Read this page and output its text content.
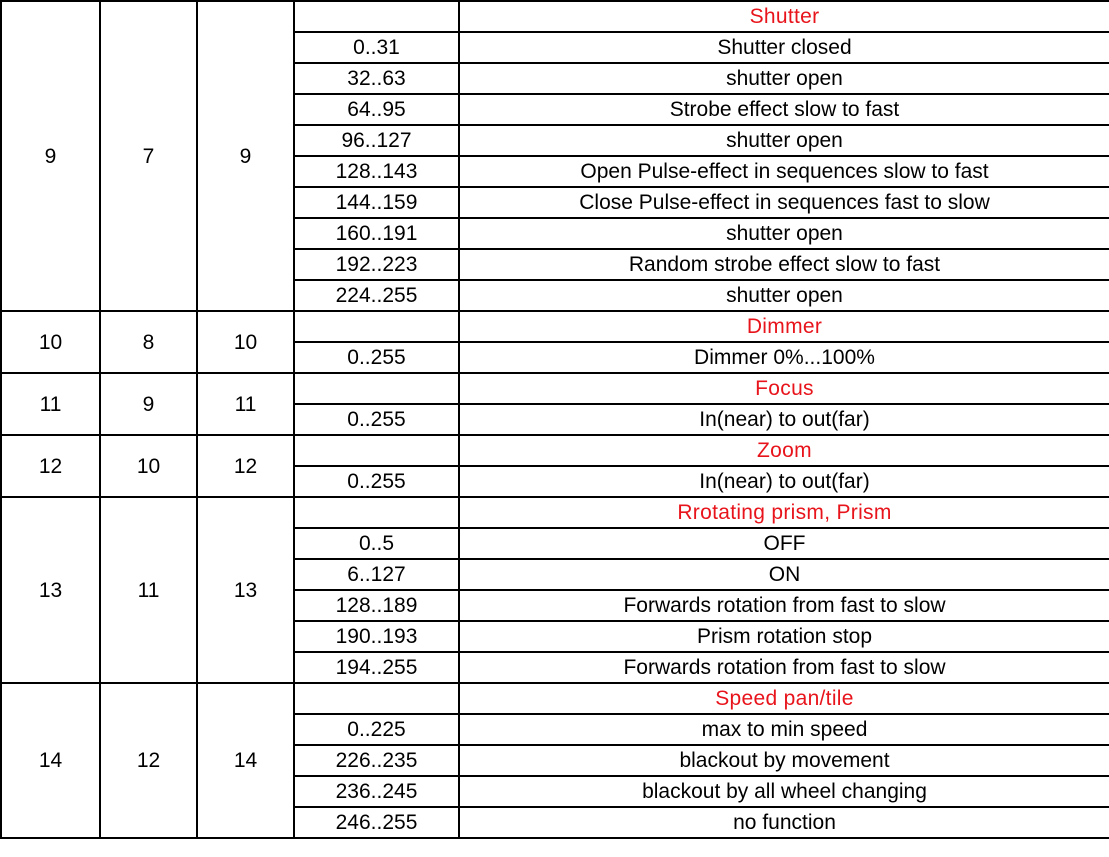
9	7	9		Shutter
			0..31	Shutter closed
			32..63	shutter open
			64..95	Strobe effect slow to fast
			96..127	shutter open
			128..143	Open Pulse-effect in sequences slow to fast
			144..159	Close Pulse-effect in sequences fast to slow
			160..191	shutter open
			192..223	Random strobe effect slow to fast
			224..255	shutter open
10	8	10		Dimmer
			0..255	Dimmer 0%...100%
11	9	11		Focus
			0..255	In(near) to out(far)
12	10	12		Zoom
			0..255	In(near) to out(far)
13	11	13		Rrotating prism, Prism
			0..5	OFF
			6..127	ON
			128..189	Forwards rotation from fast to slow
			190..193	Prism rotation stop
			194..255	Forwards rotation from fast to slow
14	12	14		Speed pan/tile
			0..225	max to min speed
			226..235	blackout by movement
			236..245	blackout by all wheel changing
			246..255	no function
